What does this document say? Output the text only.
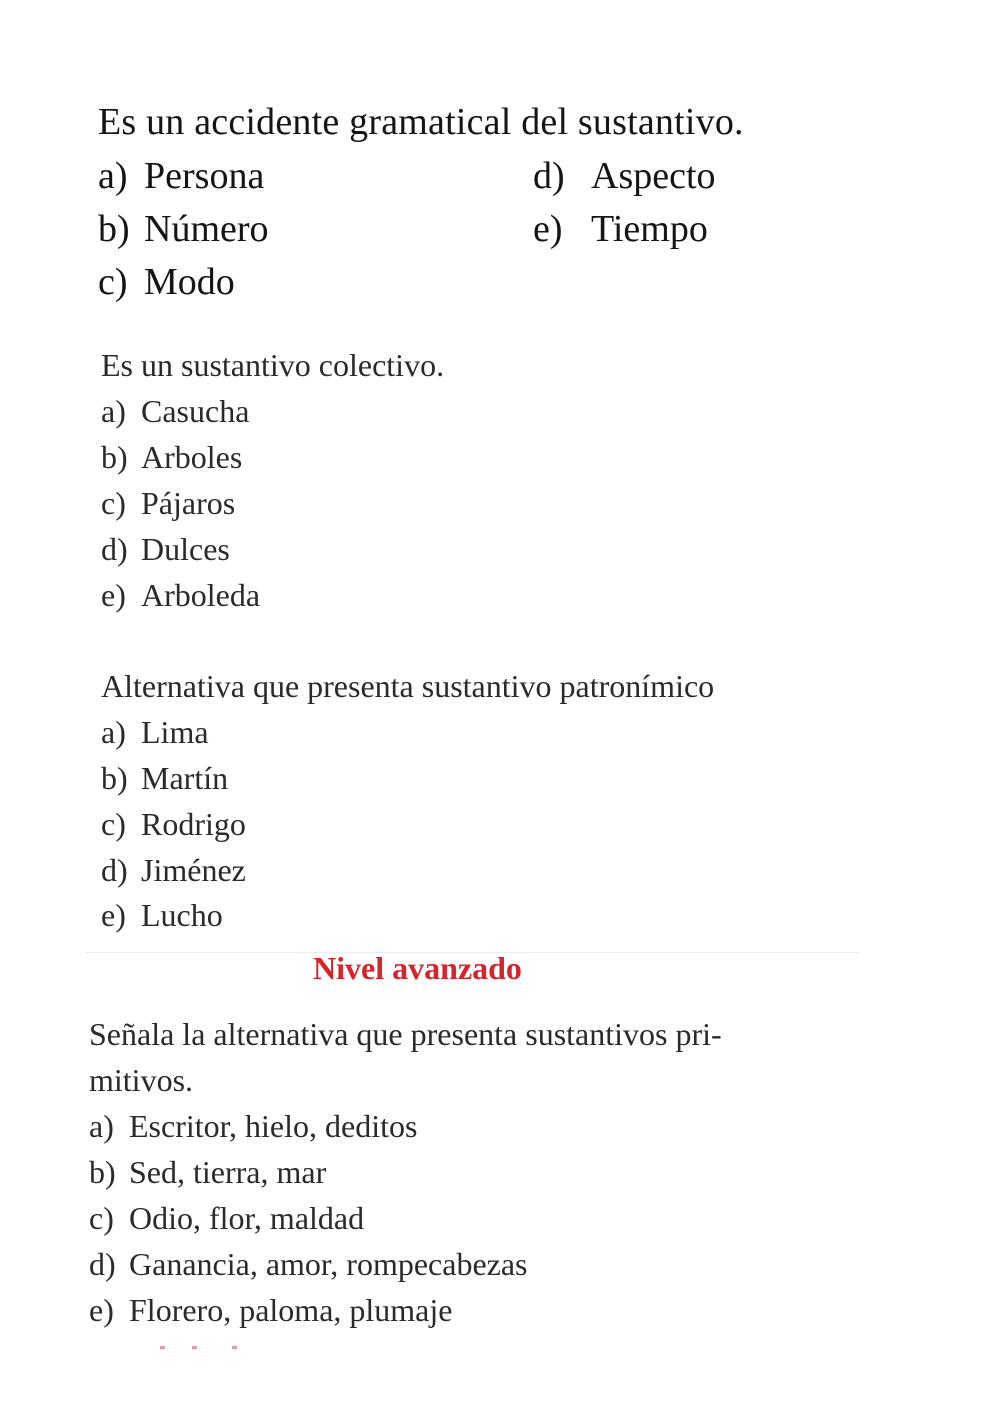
Es un accidente gramatical del sustantivo.
a) Persona
b) Número
c) Modo
d) Aspecto
e) Tiempo
Es un sustantivo colectivo.
a) Casucha
b) Arboles
c) Pájaros
d) Dulces
e) Arboleda
Alternativa que presenta sustantivo patronímico
a) Lima
b) Martín
c) Rodrigo
d) Jiménez
e) Lucho
Nivel avanzado
Señala la alternativa que presenta sustantivos pri-
mitivos.
a) Escritor, hielo, deditos
b) Sed, tierra, mar
c) Odio, flor, maldad
d) Ganancia, amor, rompecabezas
e) Florero, paloma, plumaje
